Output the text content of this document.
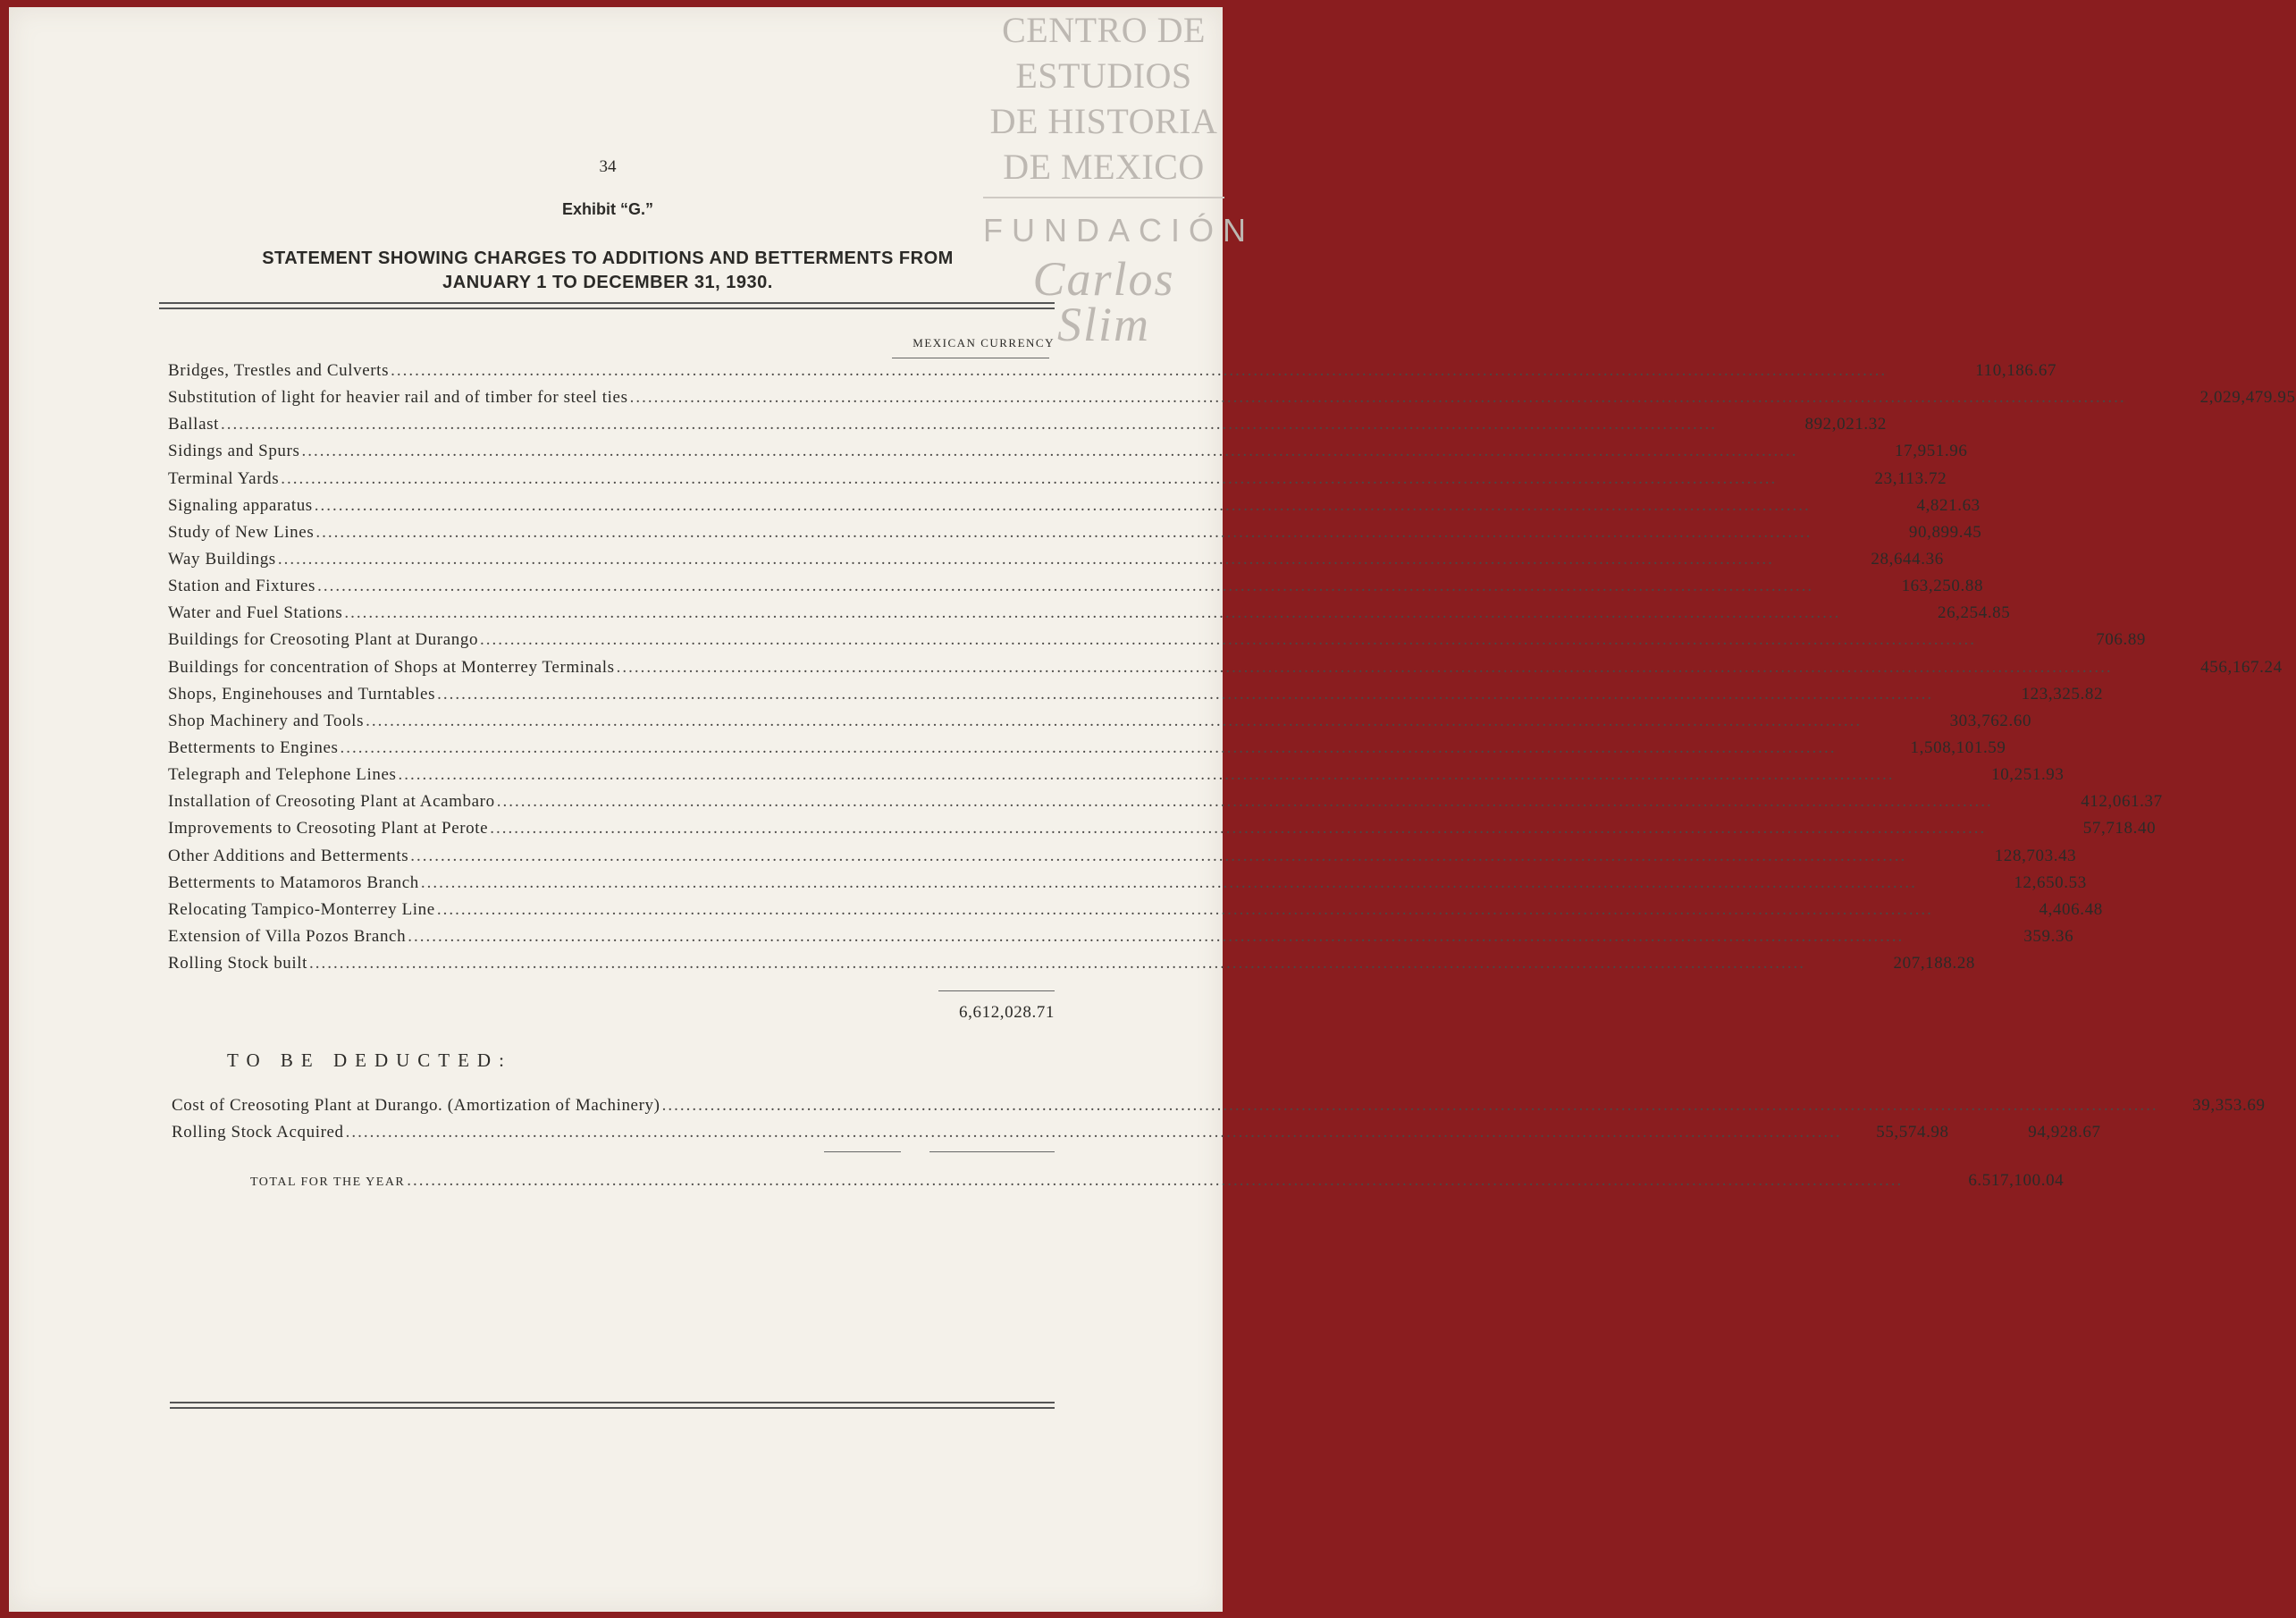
CENTRO DE
ESTUDIOS
DE HISTORIA
DE MEXICO
FUNDACIÓN
Carlos Slim
34
Exhibit “G.”
STATEMENT SHOWING CHARGES TO ADDITIONS AND BETTERMENTS FROM
JANUARY 1 TO DECEMBER 31, 1930.
MEXICAN CURRENCY
Bridges, Trestles and Culverts .....	110,186.67
Substitution of light for heavier rail and of timber for steel ties .....	2,029,479.95
Ballast .....	892,021.32
Sidings and Spurs .....	17,951.96
Terminal Yards .....	23,113.72
Signaling apparatus .....	4,821.63
Study of New Lines .....	90,899.45
Way Buildings .....	28,644.36
Station and Fixtures .....	163,250.88
Water and Fuel Stations .....	26,254.85
Buildings for Creosoting Plant at Durango .....	706.89
Buildings for concentration of Shops at Monterrey Terminals .....	456,167.24
Shops, Enginehouses and Turntables .....	123,325.82
Shop Machinery and Tools .....	303,762.60
Betterments to Engines .....	1,508,101.59
Telegraph and Telephone Lines .....	10,251.93
Installation of Creosoting Plant at Acambaro .....	412,061.37
Improvements to Creosoting Plant at Perote .....	57,718.40
Other Additions and Betterments .....	128,703.43
Betterments to Matamoros Branch .....	12,650.53
Relocating Tampico-Monterrey Line .....	4,406.48
Extension of Villa Pozos Branch .....	359.36
Rolling Stock built .....	207,188.28
6,612,028.71
TO BE DEDUCTED:
Cost of Creosoting Plant at Durango. (Amortization of Machinery) .....	39,353.69
Rolling Stock Acquired .....	55,574.98	94,928.67
TOTAL FOR THE YEAR .....	6.517,100.04
